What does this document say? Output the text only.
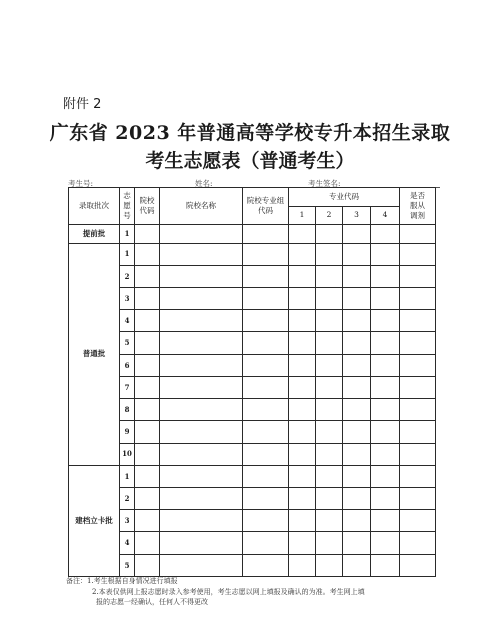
附件 2
广东省 2023 年普通高等学校专升本招生录取
考生志愿表（普通考生）
考生号:	姓名:	考生签名:
录取批次	志愿号	院校代码	院校名称	院校专业组代码	专业代码				是否服从调剂

					1	2	3	4	
提前批	1								
普通批	1								
	2								
	3								
	4								
	5								
	6								
	7								
	8								
	9								
	10								
建档立卡批	1								
	2								
	3								
	4								
	5								
备注：1.考生根据自身情况进行填报
2.本表仅供网上报志愿时录入参考使用，考生志愿以网上填报及确认的为准。考生网上填
报的志愿一经确认，任何人不得更改
